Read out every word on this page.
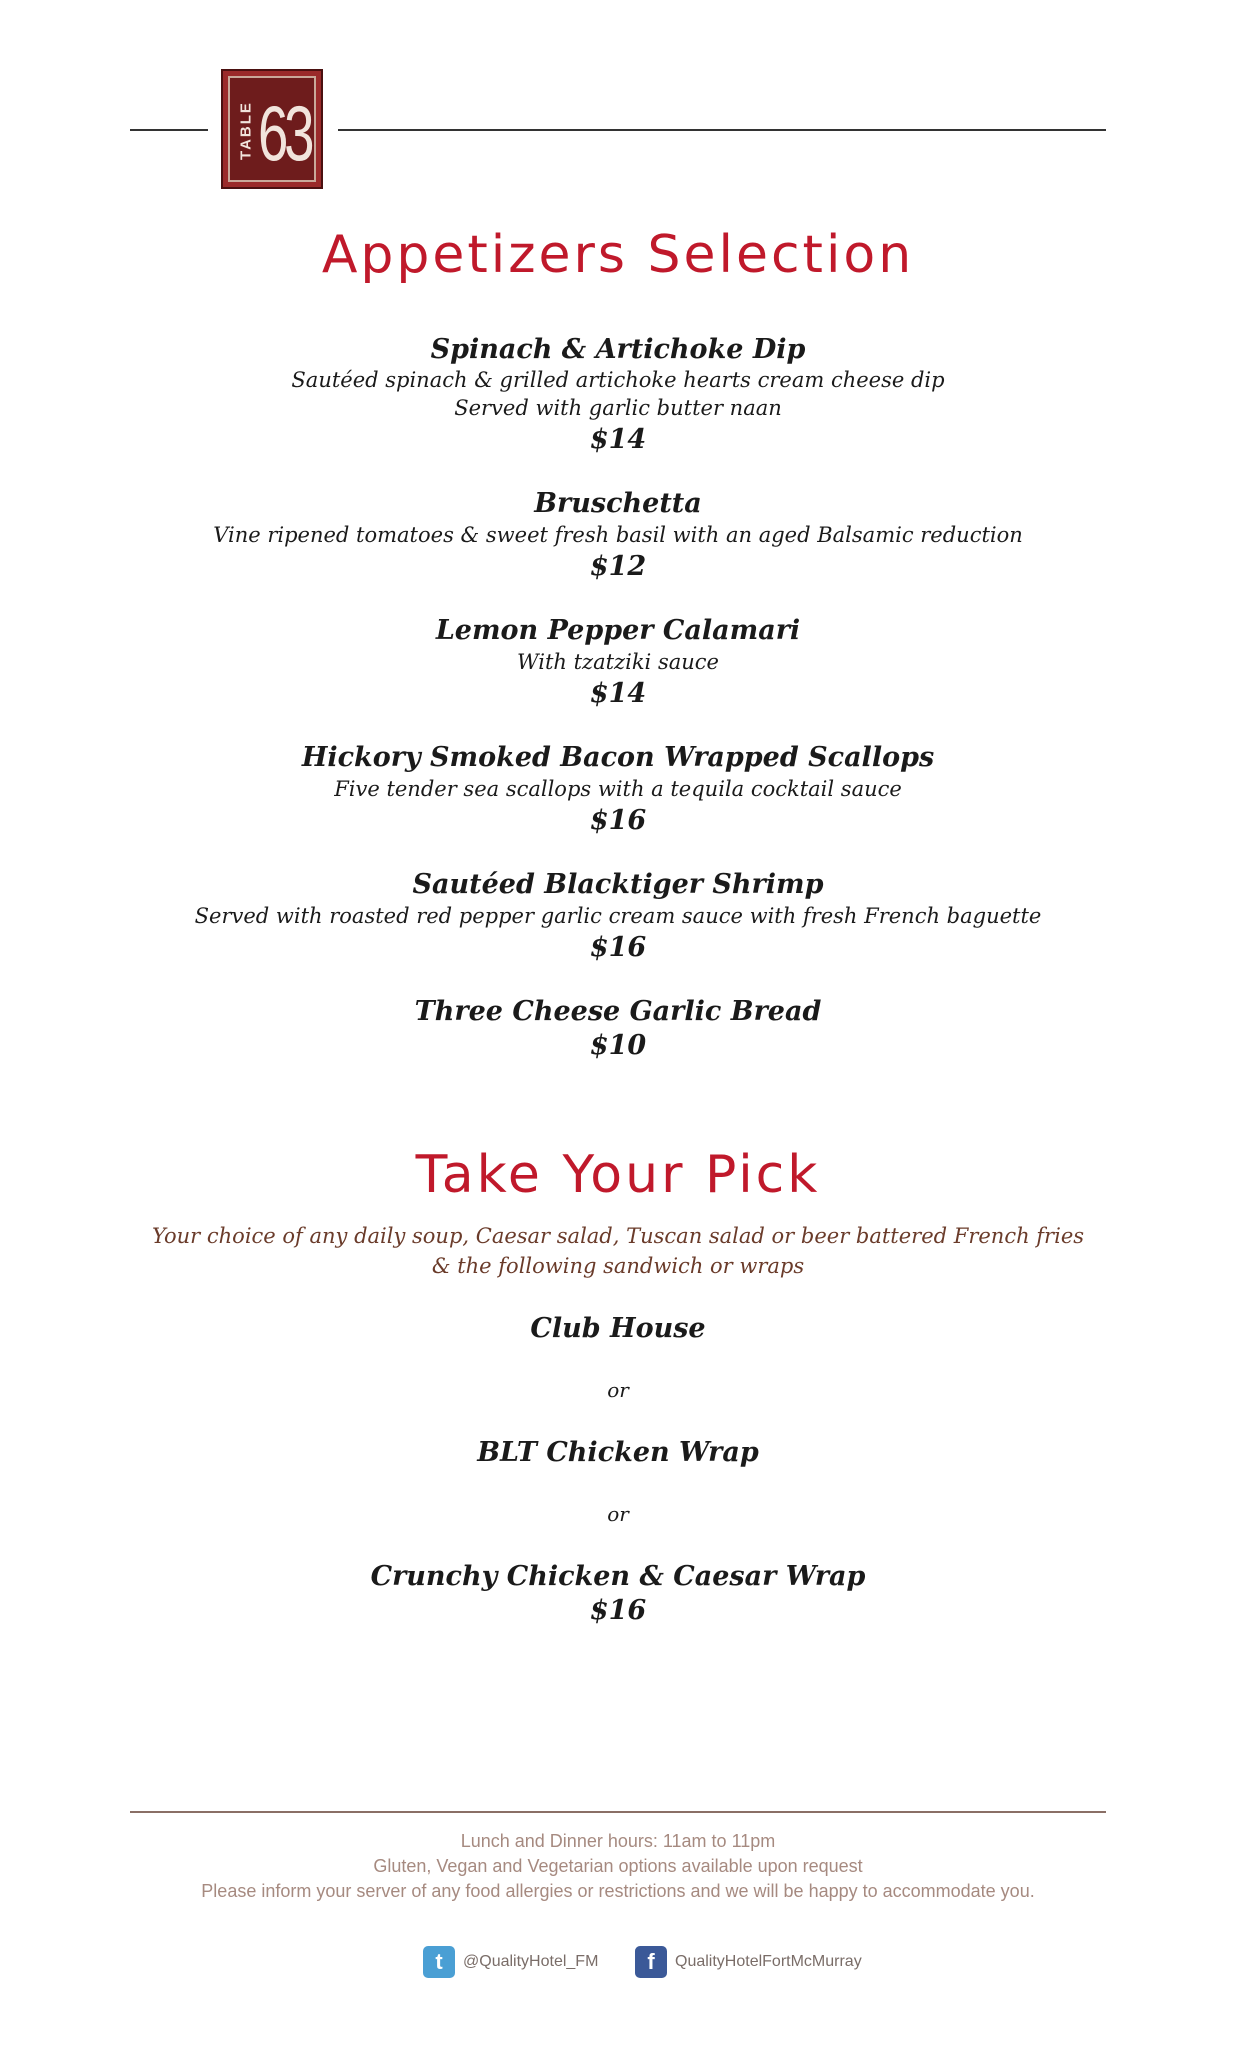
TABLE 63
Appetizers Selection
Spinach & Artichoke Dip
Sautéed spinach & grilled artichoke hearts cream cheese dip
Served with garlic butter naan
$14
Bruschetta
Vine ripened tomatoes & sweet fresh basil with an aged Balsamic reduction
$12
Lemon Pepper Calamari
With tzatziki sauce
$14
Hickory Smoked Bacon Wrapped Scallops
Five tender sea scallops with a tequila cocktail sauce
$16
Sautéed Blacktiger Shrimp
Served with roasted red pepper garlic cream sauce with fresh French baguette
$16
Three Cheese Garlic Bread
$10
Take Your Pick
Your choice of any daily soup, Caesar salad, Tuscan salad or beer battered French fries
& the following sandwich or wraps
Club House
or
BLT Chicken Wrap
or
Crunchy Chicken & Caesar Wrap
$16
Lunch and Dinner hours: 11am to 11pm
Gluten, Vegan and Vegetarian options available upon request
Please inform your server of any food allergies or restrictions and we will be happy to accommodate you.
t	@QualityHotel_FM	f	QualityHotelFortMcMurray
